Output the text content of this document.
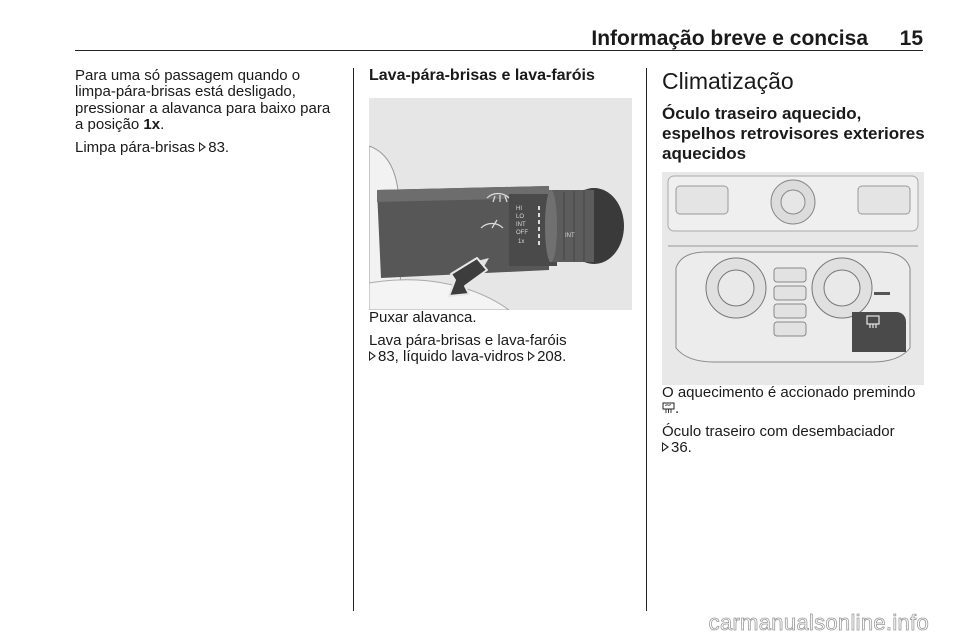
Informação breve e concisa 15

Para uma só passagem quando o limpa-pára-brisas está desligado, pressionar a alavanca para baixo para a posição 1x.

Limpa pára-brisas 83.

Lava-pára-brisas e lava-faróis
HI
LO
INT
OFF
1x
INT

Puxar alavanca.

Lava pára-brisas e lava-faróis
83, líquido lava-vidros 208.

Climatização
Óculo traseiro aquecido, espelhos retrovisores exteriores aquecidos

O aquecimento é accionado premindo .

Óculo traseiro com desembaciador
36.

carmanualsonline.info
